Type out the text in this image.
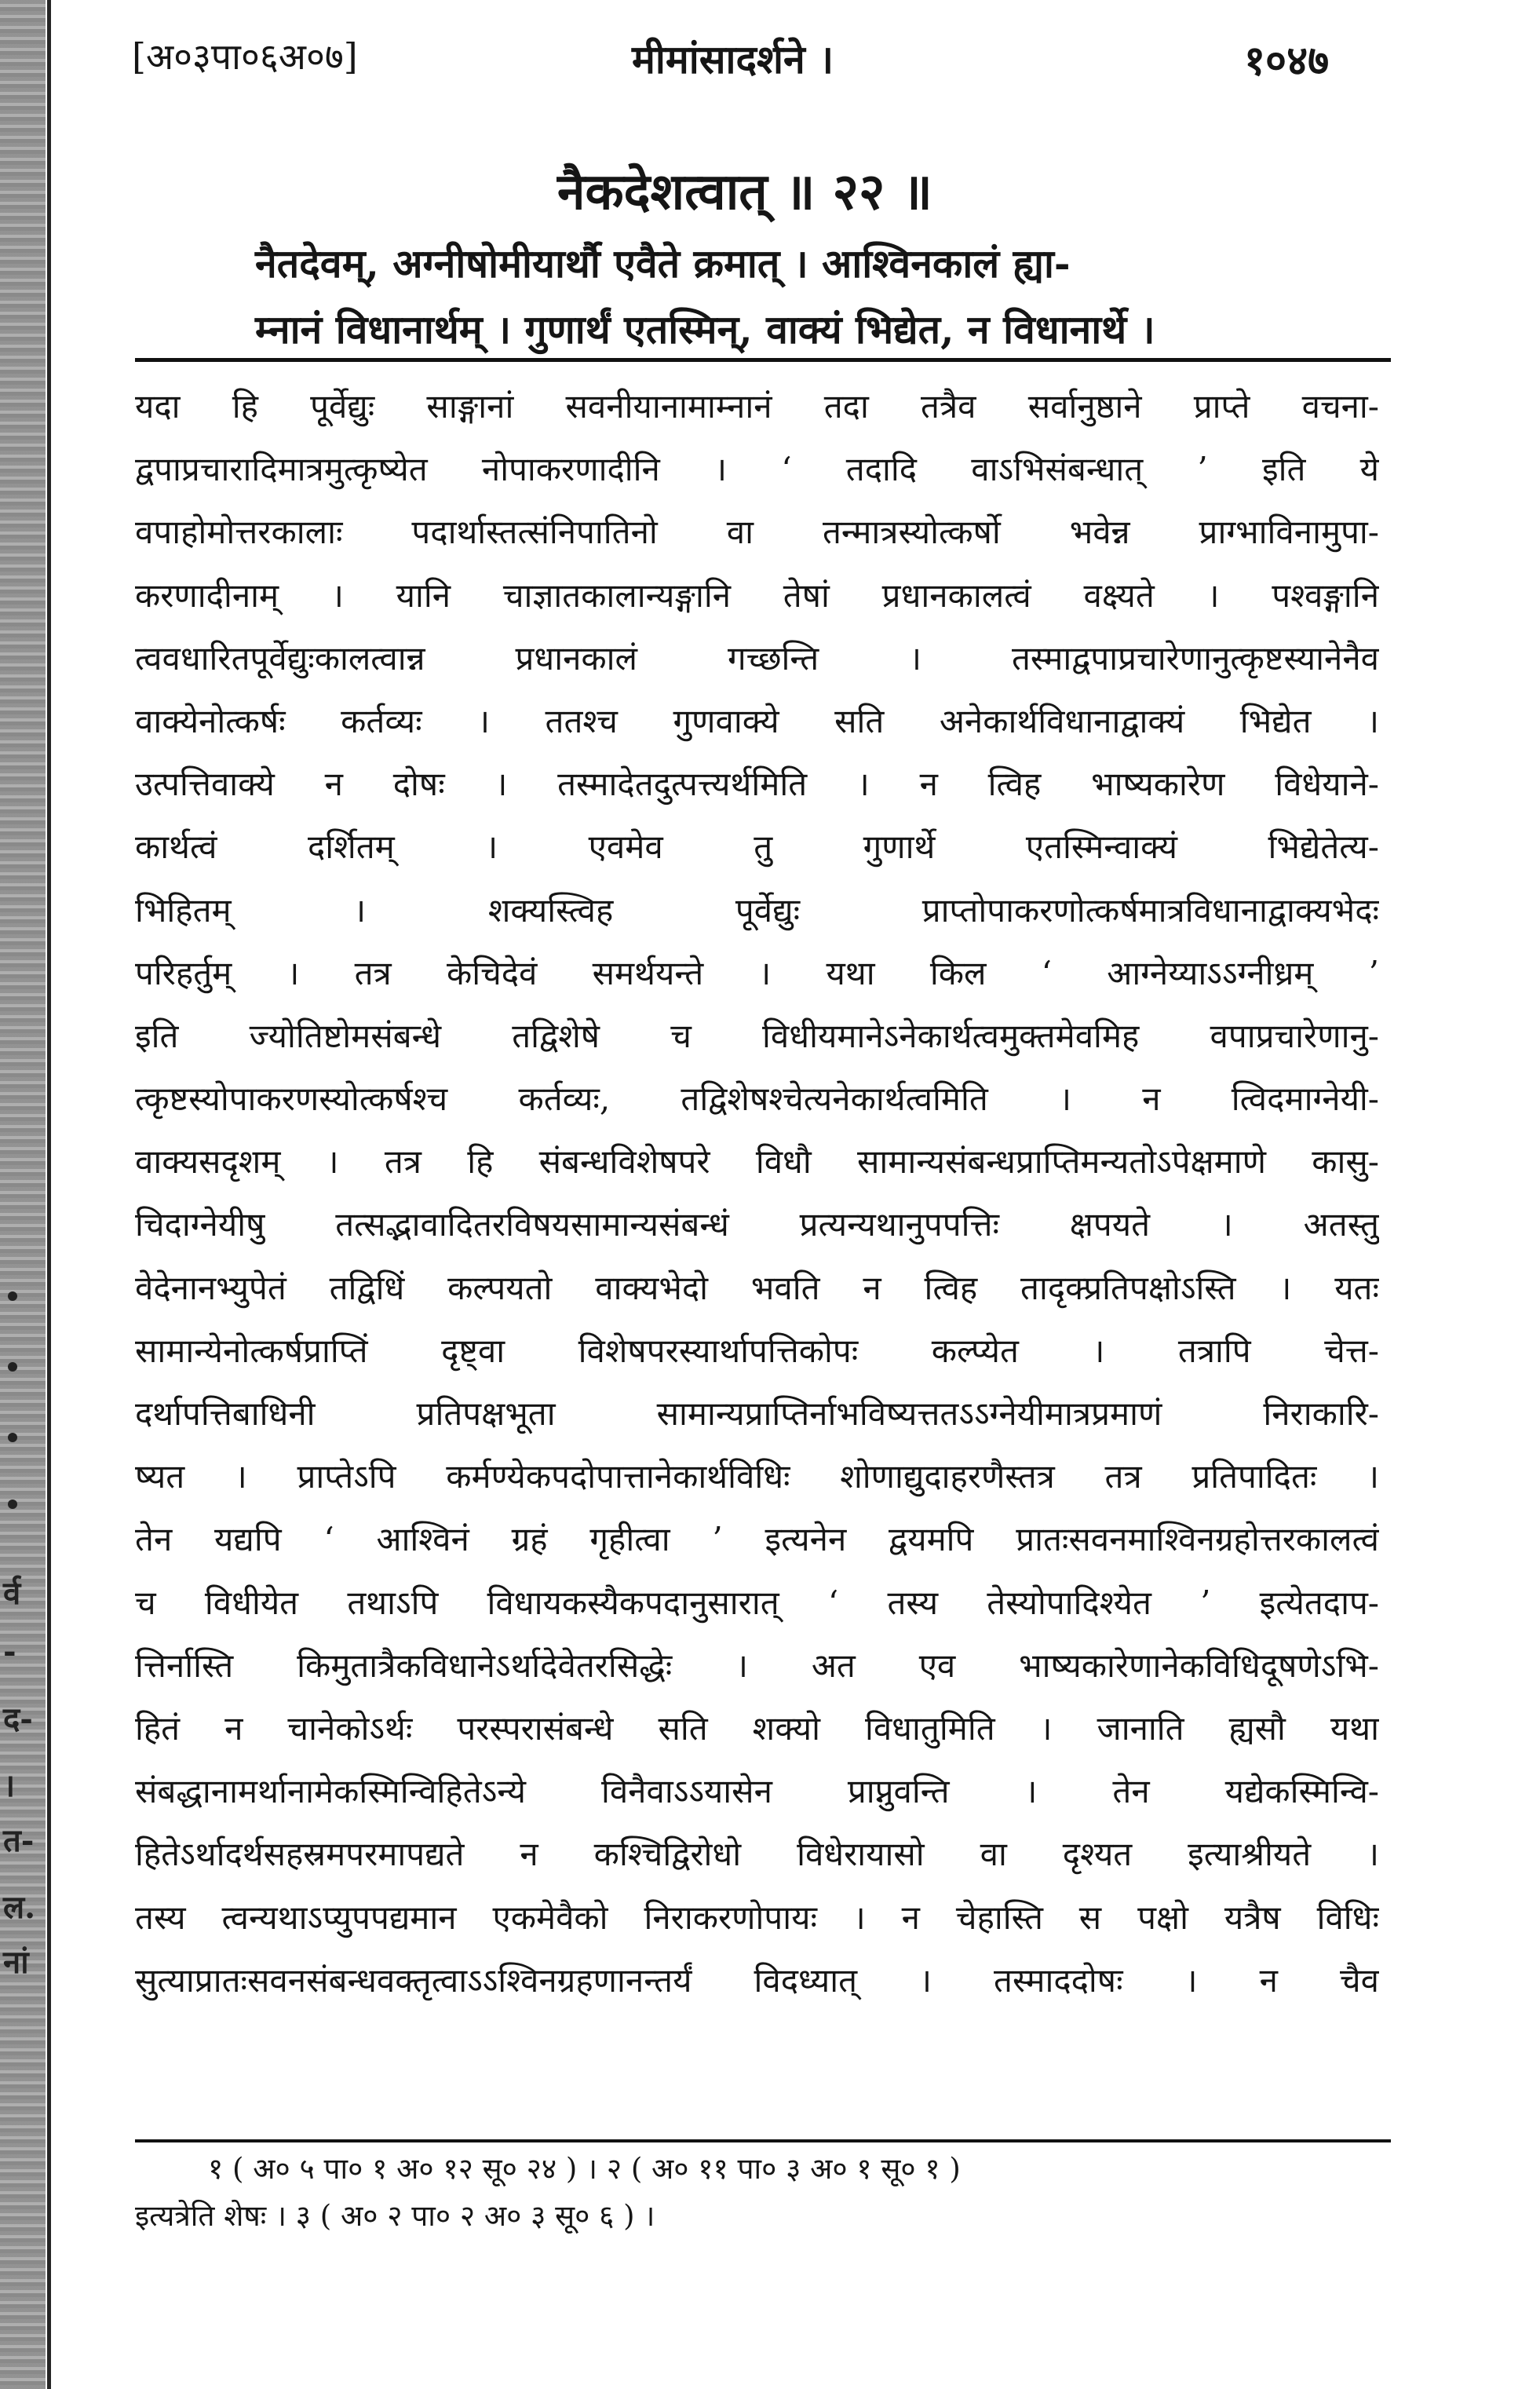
[अ०३पा०६अ०७]	मीमांसादर्शने ।	१०४७
नैकदेशत्वात् ॥ २२ ॥
नैतदेवम्, अग्नीषोमीयार्थौ एवैते क्रमात् । आश्विनकालं ह्या-
म्नानं विधानार्थम् । गुणार्थं एतस्मिन्, वाक्यं भिद्येत, न विधानार्थे ।
यदा हि पूर्वेद्युः साङ्गानां सवनीयानामाम्नानं तदा तत्रैव सर्वानुष्ठाने प्राप्ते वचना-
द्वपाप्रचारादिमात्रमुत्कृष्येत नोपाकरणादीनि । ‘ तदादि वाऽभिसंबन्धात् ’ इति ये
वपाहोमोत्तरकालाः पदार्थास्तत्संनिपातिनो वा तन्मात्रस्योत्कर्षो भवेन्न प्राग्भाविनामुपा-
करणादीनाम् । यानि चाज्ञातकालान्यङ्गानि तेषां प्रधानकालत्वं वक्ष्यते । पश्वङ्गानि
त्ववधारितपूर्वेद्युःकालत्वान्न प्रधानकालं गच्छन्ति । तस्माद्वपाप्रचारेणानुत्कृष्टस्यानेनैव
वाक्येनोत्कर्षः कर्तव्यः । ततश्च गुणवाक्ये सति अनेकार्थविधानाद्वाक्यं भिद्येत ।
उत्पत्तिवाक्ये न दोषः । तस्मादेतदुत्पत्त्यर्थमिति । न त्विह भाष्यकारेण विधेयाने-
कार्थत्वं दर्शितम् । एवमेव तु गुणार्थे एतस्मिन्वाक्यं भिद्येतेत्य-
भिहितम् । शक्यस्त्विह पूर्वेद्युः प्राप्तोपाकरणोत्कर्षमात्रविधानाद्वाक्यभेदः
परिहर्तुम् । तत्र केचिदेवं समर्थयन्ते । यथा किल ‘ आग्नेय्याऽऽग्नीध्रम् ’
इति ज्योतिष्टोमसंबन्धे तद्विशेषे च विधीयमानेऽनेकार्थत्वमुक्तमेवमिह वपाप्रचारेणानु-
त्कृष्टस्योपाकरणस्योत्कर्षश्च कर्तव्यः, तद्विशेषश्चेत्यनेकार्थत्वमिति । न त्विदमाग्नेयी-
वाक्यसदृशम् । तत्र हि संबन्धविशेषपरे विधौ सामान्यसंबन्धप्राप्तिमन्यतोऽपेक्षमाणे कासु-
चिदाग्नेयीषु तत्सद्भावादितरविषयसामान्यसंबन्धं प्रत्यन्यथानुपपत्तिः क्षपयते । अतस्तु
वेदेनानभ्युपेतं तद्विधिं कल्पयतो वाक्यभेदो भवति न त्विह तादृक्प्रतिपक्षोऽस्ति । यतः
सामान्येनोत्कर्षप्राप्तिं दृष्ट्वा विशेषपरस्यार्थापत्तिकोपः कल्प्येत । तत्रापि चेत्त-
दर्थापत्तिबाधिनी प्रतिपक्षभूता सामान्यप्राप्तिर्नाभविष्यत्ततऽऽग्नेयीमात्रप्रमाणं निराकारि-
ष्यत । प्राप्तेऽपि कर्मण्येकपदोपात्तानेकार्थविधिः शोणाद्युदाहरणैस्तत्र तत्र प्रतिपादितः ।
तेन यद्यपि ‘ आश्विनं ग्रहं गृहीत्वा ’ इत्यनेन द्वयमपि प्रातःसवनमाश्विनग्रहोत्तरकालत्वं
च विधीयेत तथाऽपि विधायकस्यैकपदानुसारात् ‘ तस्य तेस्योपादिश्येत ’ इत्येतदाप-
त्तिर्नास्ति किमुतात्रैकविधानेऽर्थादेवेतरसिद्धेः । अत एव भाष्यकारेणानेकविधिदूषणेऽभि-
हितं न चानेकोऽर्थः परस्परासंबन्धे सति शक्यो विधातुमिति । जानाति ह्यसौ यथा
संबद्धानामर्थानामेकस्मिन्विहितेऽन्ये विनैवाऽऽयासेन प्राप्नुवन्ति । तेन यद्येकस्मिन्वि-
हितेऽर्थादर्थसहस्रमपरमापद्यते न कश्चिद्विरोधो विधेरायासो वा दृश्यत इत्याश्रीयते ।
तस्य त्वन्यथाऽप्युपपद्यमान एकमेवैको निराकरणोपायः । न चेहास्ति स पक्षो यत्रैष विधिः
सुत्याप्रातःसवनसंबन्धवक्तृत्वाऽऽश्विनग्रहणानन्तर्यं विदध्यात् । तस्माददोषः । न चैव
१ ( अ० ५ पा० १ अ० १२ सू० २४ ) । २ ( अ० ११ पा० ३ अ० १ सू० १ )
इत्यत्रेति शेषः । ३ ( अ० २ पा० २ अ० ३ सू० ६ ) ।
र्व
-
द-
।
त-
ल.
नां
